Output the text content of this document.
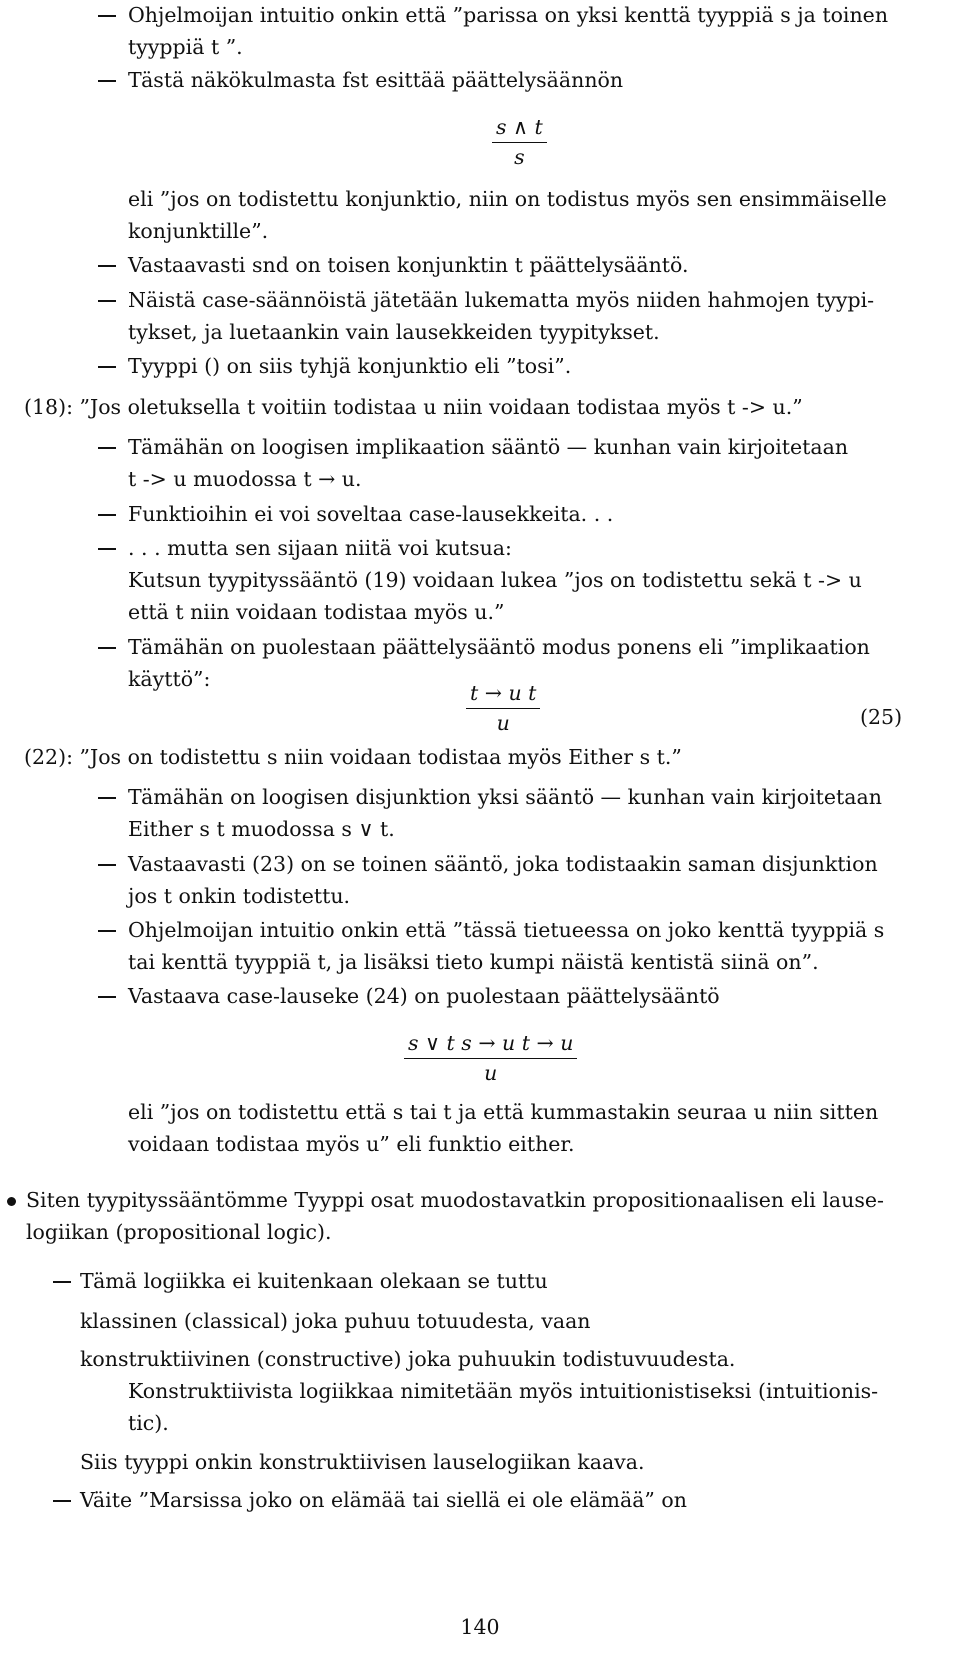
Ohjelmoijan intuitio onkin että ”parissa on yksi kenttä tyyppiä s ja toinen
tyyppiä t ”.
Tästä näkökulmasta fst esittää päättelysäännön
$\frac{s \wedge t}{s}$
eli ”jos on todistettu konjunktio, niin on todistus myös sen ensimmäiselle
konjunktille”.
Vastaavasti snd on toisen konjunktin t päättelysääntö.
Näistä case-säännöistä jätetään lukematta myös niiden hahmojen tyypi-
tykset, ja luetaankin vain lausekkeiden tyypitykset.
Tyyppi () on siis tyhjä konjunktio eli ”tosi”.
(18): ”Jos oletuksella t voitiin todistaa u niin voidaan todistaa myös t -> u.”
Tämähän on loogisen implikaation sääntö — kunhan vain kirjoitetaan
t -> u muodossa t → u.
Funktioihin ei voi soveltaa case-lausekkeita. . .
. . . mutta sen sijaan niitä voi kutsua:
Kutsun tyypityssääntö (19) voidaan lukea ”jos on todistettu sekä t -> u
että t niin voidaan todistaa myös u.”
Tämähän on puolestaan päättelysääntö modus ponens eli ”implikaation
käyttö”:
$\frac{\text{t → u t}}{u}$	(25)
(22): ”Jos on todistettu s niin voidaan todistaa myös Either s t.”
Tämähän on loogisen disjunktion yksi sääntö — kunhan vain kirjoitetaan
Either s t muodossa s ∨ t.
Vastaavasti (23) on se toinen sääntö, joka todistaakin saman disjunktion
jos t onkin todistettu.
Ohjelmoijan intuitio onkin että ”tässä tietueessa on joko kenttä tyyppiä s
tai kenttä tyyppiä t, ja lisäksi tieto kumpi näistä kentistä siinä on”.
Vastaava case-lauseke (24) on puolestaan päättelysääntö
$\frac{\text{s ∨ t s → u t → u}}{u}$
eli ”jos on todistettu että s tai t ja että kummastakin seuraa u niin sitten
voidaan todistaa myös u” eli funktio either.
Siten tyypityssääntömme Tyyppi osat muodostavatkin propositionaalisen eli lause-
logiikan (propositional logic).
Tämä logiikka ei kuitenkaan olekaan se tuttu
klassinen (classical) joka puhuu totuudesta, vaan
konstruktiivinen (constructive) joka puhuukin todistuvuudesta.
Konstruktiivista logiikkaa nimitetään myös intuitionistiseksi (intuitionis-
tic).
Siis tyyppi onkin konstruktiivisen lauselogiikan kaava.
Väite ”Marsissa joko on elämää tai siellä ei ole elämää” on
140
